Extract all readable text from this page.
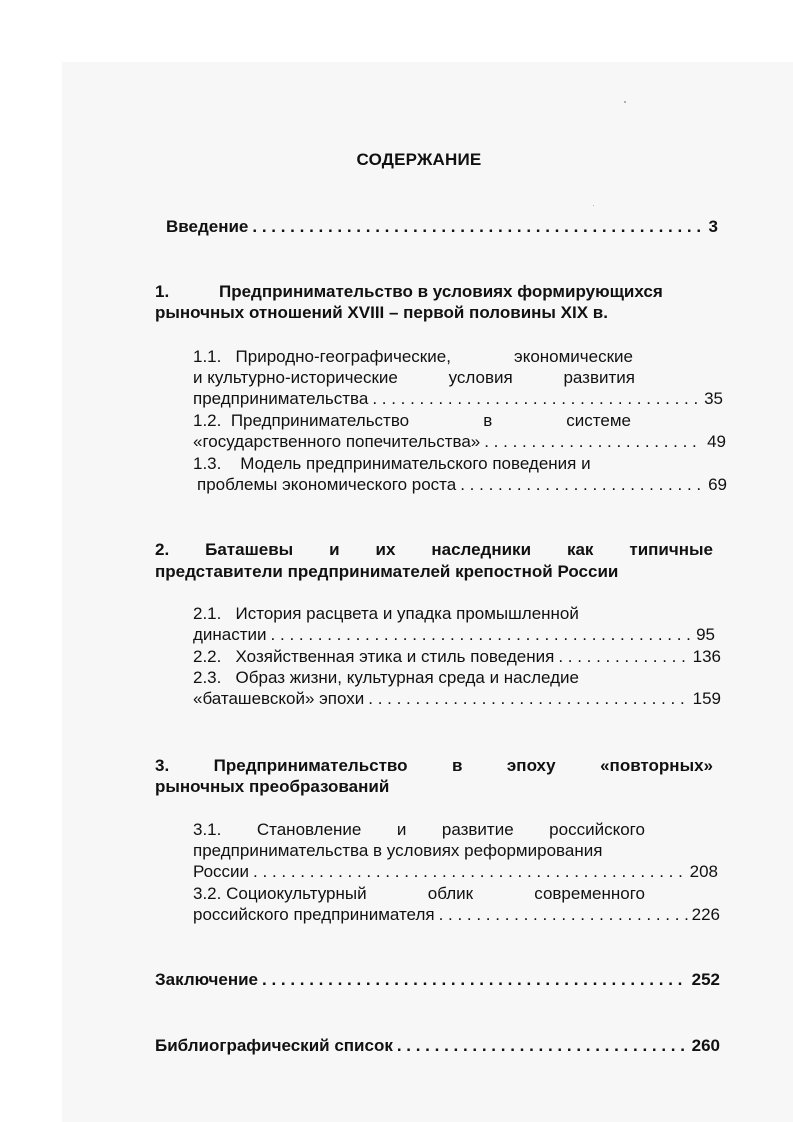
СОДЕРЖАНИЕ
Введение . . .	3
1.	Предпринимательство в условиях формирующихся
рыночных отношений XVIII – первой половины XIX в.
1.1. Природно-географические,	экономические
и культурно-исторические	условия	развития
предпринимательства . . .	35
1.2. Предпринимательство	в	системе
«государственного попечительства» . . .	49
1.3. Модель предпринимательского поведения и
проблемы экономического роста . . .	69
2. Баташевы и их наследники как типичные
представители предпринимателей крепостной России
2.1. История расцвета и упадка промышленной
династии . . .	95
2.2. Хозяйственная этика и стиль поведения . . .	136
2.3. Образ жизни, культурная среда и наследие
«баташевской» эпохи . . .	159
3.	Предпринимательство	в	эпоху	«повторных»
рыночных преобразований
3.1. Становление и развитие российского
предпринимательства в условиях реформирования
России . . .	208
3.2. Социокультурный	облик	современного
российского предпринимателя . . .	226
Заключение . . .	252
Библиографический список . . .	260
